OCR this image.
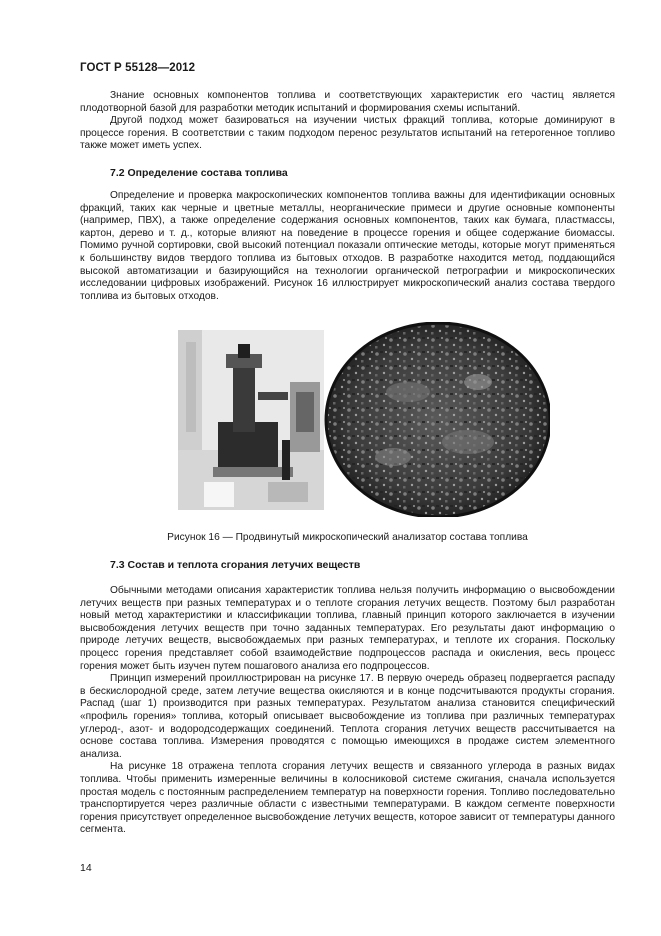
ГОСТ Р 55128—2012

Знание основных компонентов топлива и соответствующих характеристик его частиц является плодотворной базой для разработки методик испытаний и формирования схемы испытаний.

Другой подход может базироваться на изучении чистых фракций топлива, которые доминируют в процессе горения. В соответствии с таким подходом перенос результатов испытаний на гетерогенное топливо также может иметь успех.

7.2 Определение состава топлива

Определение и проверка макроскопических компонентов топлива важны для идентификации основных фракций, таких как черные и цветные металлы, неорганические примеси и другие основные компоненты (например, ПВХ), а также определение содержания основных компонентов, таких как бумага, пластмассы, картон, дерево и т. д., которые влияют на поведение в процессе горения и общее содержание биомассы. Помимо ручной сортировки, свой высокий потенциал показали оптические методы, которые могут применяться к большинству видов твердого топлива из бытовых отходов. В разработке находится метод, поддающийся высокой автоматизации и базирующийся на технологии органической петрографии и микроскопических исследовании цифровых изображений. Рисунок 16 иллюстрирует микроскопический анализ состава твердого топлива из бытовых отходов.

Рисунок 16 — Продвинутый микроскопический анализатор состава топлива
7.3 Состав и теплота сгорания летучих веществ

Обычными методами описания характеристик топлива нельзя получить информацию о высвобождении летучих веществ при разных температурах и о теплоте сгорания летучих веществ. Поэтому был разработан новый метод характеристики и классификации топлива, главный принцип которого заключается в изучении высвобождения летучих веществ при точно заданных температурах. Его результаты дают информацию о природе летучих веществ, высвобождаемых при разных температурах, и теплоте их сгорания. Поскольку процесс горения представляет собой взаимодействие подпроцессов распада и окисления, весь процесс горения может быть изучен путем пошагового анализа его подпроцессов.

Принцип измерений проиллюстрирован на рисунке 17. В первую очередь образец подвергается распаду в бескислородной среде, затем летучие вещества окисляются и в конце подсчитываются продукты сгорания. Распад (шаг 1) производится при разных температурах. Результатом анализа становится специфический «профиль горения» топлива, который описывает высвобождение из топлива при различных температурах углерод-, азот- и водородсодержащих соединений. Теплота сгорания летучих веществ рассчитывается на основе состава топлива. Измерения проводятся с помощью имеющихся в продаже систем элементного анализа.

На рисунке 18 отражена теплота сгорания летучих веществ и связанного углерода в разных видах топлива. Чтобы применить измеренные величины в колосниковой системе сжигания, сначала используется простая модель с постоянным распределением температур на поверхности горения. Топливо последовательно транспортируется через различные области с известными температурами. В каждом сегменте поверхности горения присутствует определенное высвобождение летучих веществ, которое зависит от температуры данного сегмента.

14
